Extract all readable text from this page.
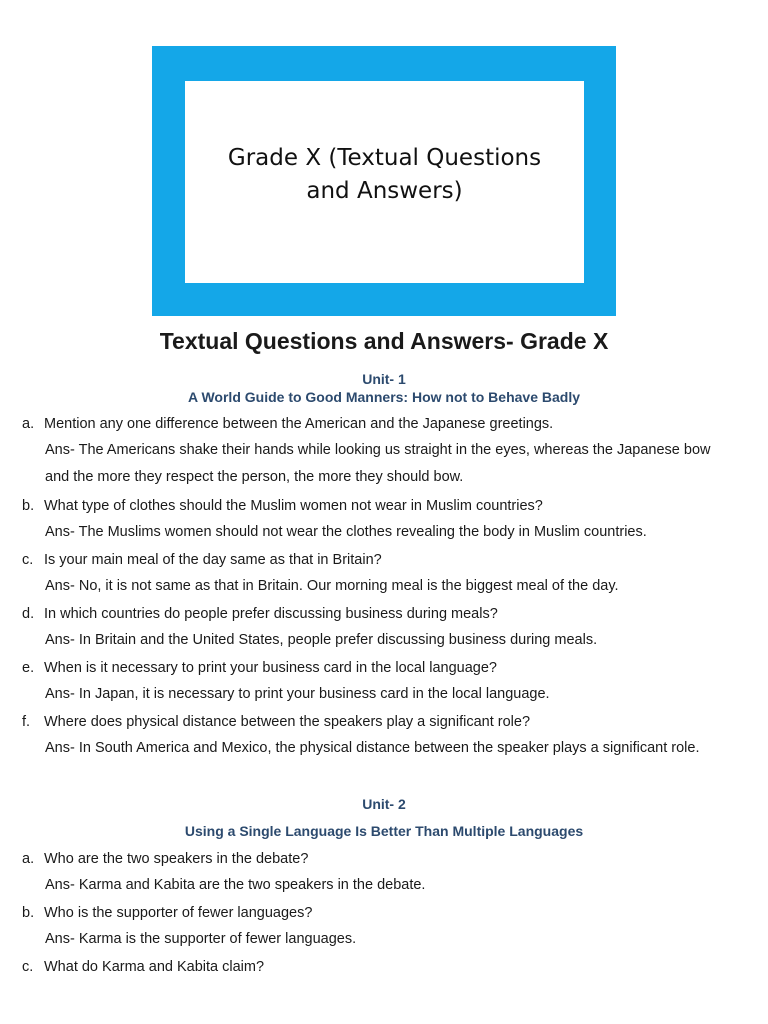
Grade X (Textual Questions and Answers)
Textual Questions and Answers- Grade X
Unit- 1
A World Guide to Good Manners: How not to Behave Badly
a. Mention any one difference between the American and the Japanese greetings.
Ans- The Americans shake their hands while looking us straight in the eyes, whereas the Japanese bow and the more they respect the person, the more they should bow.
b. What type of clothes should the Muslim women not wear in Muslim countries?
Ans- The Muslims women should not wear the clothes revealing the body in Muslim countries.
c. Is your main meal of the day same as that in Britain?
Ans- No, it is not same as that in Britain. Our morning meal is the biggest meal of the day.
d. In which countries do people prefer discussing business during meals?
Ans- In Britain and the United States, people prefer discussing business during meals.
e. When is it necessary to print your business card in the local language?
Ans- In Japan, it is necessary to print your business card in the local language.
f. Where does physical distance between the speakers play a significant role?
Ans- In South America and Mexico, the physical distance between the speaker plays a significant role.
Unit- 2
Using a Single Language Is Better Than Multiple Languages
a. Who are the two speakers in the debate?
Ans- Karma and Kabita are the two speakers in the debate.
b. Who is the supporter of fewer languages?
Ans- Karma is the supporter of fewer languages.
c. What do Karma and Kabita claim?
